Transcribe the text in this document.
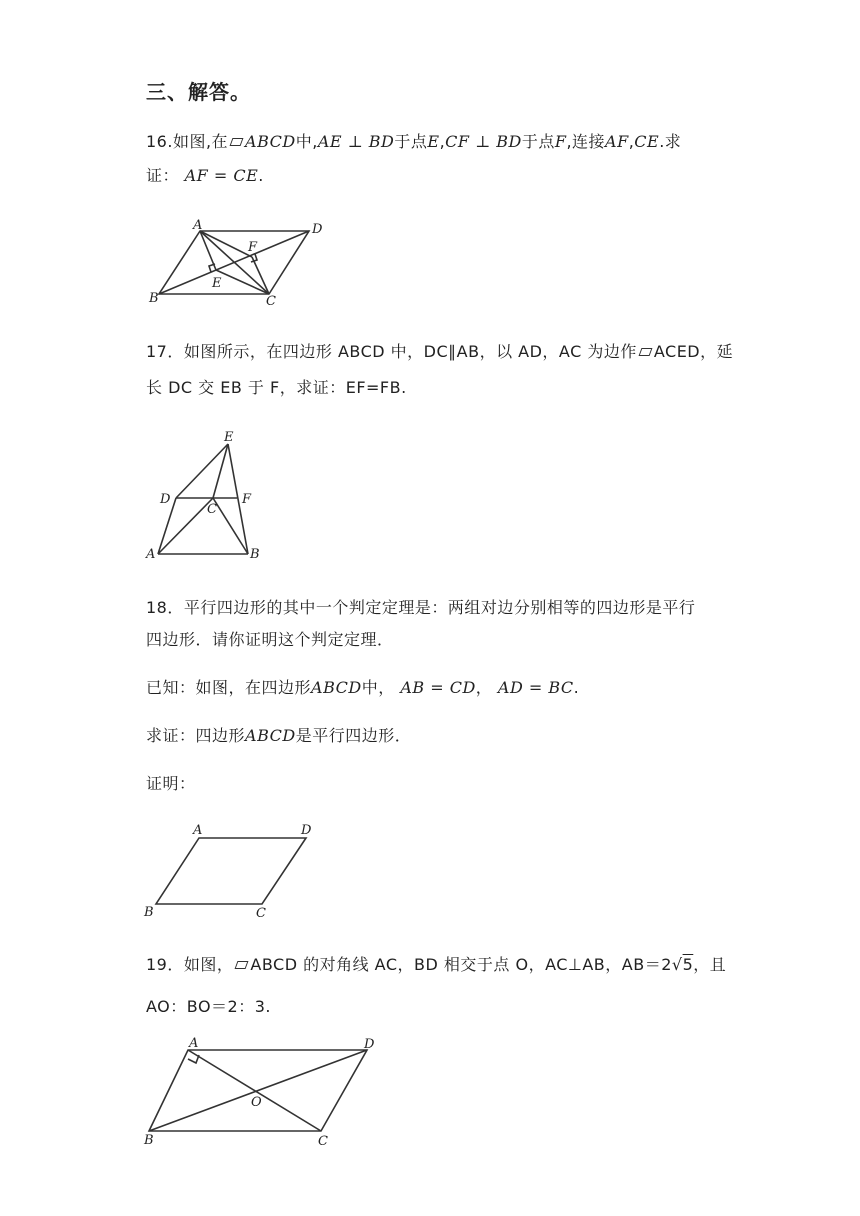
三、解答。
16.如图,在 ABCD中,AE ⊥ BD于点E,CF ⊥ BD于点F,连接AF,CE.求
证： AF = CE.
A	D
B	C
E
F
17．如图所示，在四边形 ABCD 中，DC∥AB，以 AD，AC 为边作 ACED，延
长 DC 交 EB 于 F，求证：EF=FB.
E
D	F
C
A	B
18．平行四边形的其中一个判定定理是：两组对边分别相等的四边形是平行
四边形．请你证明这个判定定理．
已知：如图，在四边形ABCD中， AB = CD， AD = BC.
求证：四边形ABCD是平行四边形．
证明：
A	D
B	C
19．如图， ABCD 的对角线 AC，BD 相交于点 O，AC⊥AB，AB＝2√5，且
AO：BO＝2：3.
A	D
B	C
O
